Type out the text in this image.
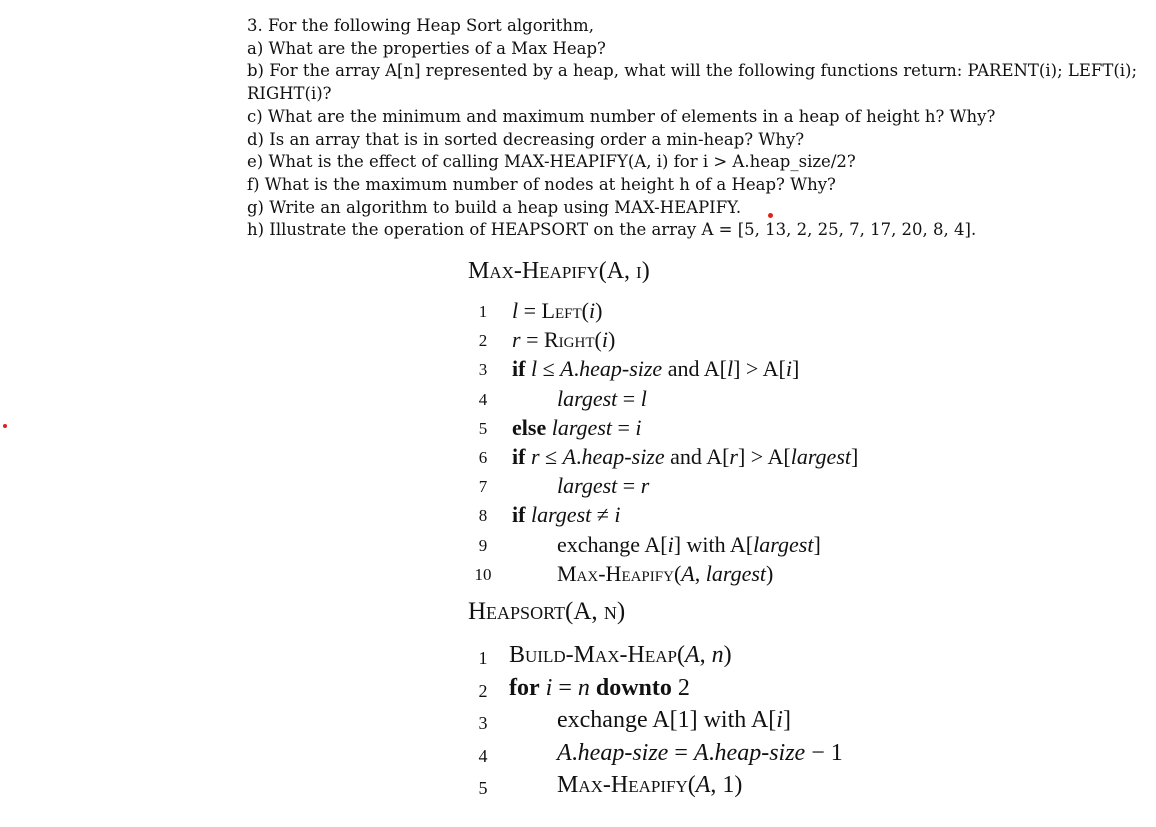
3. For the following Heap Sort algorithm,
a) What are the properties of a Max Heap?
b) For the array A[n] represented by a heap, what will the following functions return: PARENT(i); LEFT(i);
RIGHT(i)?
c) What are the minimum and maximum number of elements in a heap of height h? Why?
d) Is an array that is in sorted decreasing order a min-heap? Why?
e) What is the effect of calling MAX-HEAPIFY(A, i) for i > A.heap_size/2?
f) What is the maximum number of nodes at height h of a Heap? Why?
g) Write an algorithm to build a heap using MAX-HEAPIFY.
h) Illustrate the operation of HEAPSORT on the array A = [5, 13, 2, 25, 7, 17, 20, 8, 4].
Max-Heapify(A, i)
1	l = Left(i)
2	r = Right(i)
3	if l ≤ A.heap-size and A[l] > A[i]
4	largest = l
5	else largest = i
6	if r ≤ A.heap-size and A[r] > A[largest]
7	largest = r
8	if largest ≠ i
9	exchange A[i] with A[largest]
10	Max-Heapify(A, largest)
Heapsort(A, n)
1 Build-Max-Heap(A, n)
2 for i = n downto 2
3	exchange A[1] with A[i]
4	A.heap-size = A.heap-size − 1
5	Max-Heapify(A, 1)
